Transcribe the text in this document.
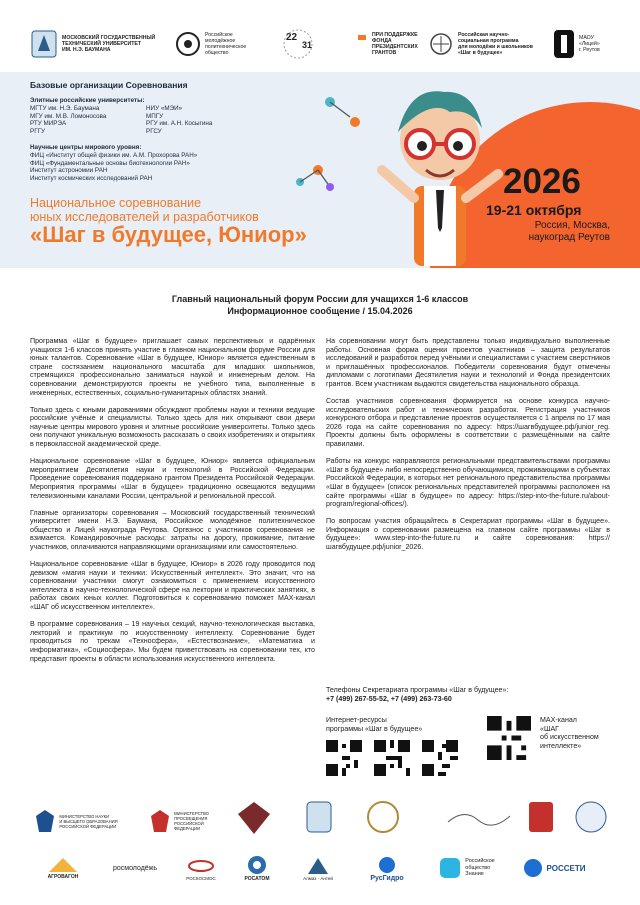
МОСКОВСКИЙ ГОСУДАРСТВЕННЫЙ
ТЕХНИЧЕСКИЙ УНИВЕРСИТЕТ
ИМ. Н.Э. БАУМАНА
Российское
молодёжное
политехническое
общество
22
31
ПРИ ПОДДЕРЖКЕ
ФОНДА
ПРЕЗИДЕНТСКИХ
ГРАНТОВ
Российская научно-
социальная программа
для молодёжи и школьников
«Шаг в будущее»
МАОУ
«Лицей»
г. Реутов
Базовые организации Соревнования
Элитные российские университеты:
МГТУ им. Н.Э. Баумана
МГУ им. М.В. Ломоносова
РТУ МИРЭА
РГГУ
НИУ «МЭИ»
МПГУ
РГУ им. А.Н. Косыгина
РГСУ
Научные центры мирового уровня:
ФИЦ «Институт общей физики им. А.М. Прохорова РАН»
ФИЦ «Фундаментальные основы биотехнологии РАН»
Институт астрономии РАН
Институт космических исследований РАН
Национальное соревнование
юных исследователей и разработчиков
«Шаг в будущее, Юниор»
2026
19-21 октября
Россия, Москва,
наукоград Реутов
Главный национальный форум России для учащихся 1-6 классов
Информационное сообщение / 15.04.2026

Программа «Шаг в будущее» приглашает самых перспективных и одарённых учащихся 1-6 классов принять участие в главном национальном форуме России для юных талантов. Соревнование «Шаг в будущее, Юниор» является единственным в стране состязанием национального масштаба для младших школьников, стремящихся профессионально заниматься наукой и инженерным делом. На соревновании демонстрируются проекты не учебного типа, выполненные в инженерных, естественных, социально-гуманитарных областях знаний.

Только здесь с юными дарованиями обсуждают проблемы науки и техники ведущие российские учёные и специалисты. Только здесь для них открывают свои двери научные центры мирового уровня и элитные российские университеты. Только здесь они получают уникальную возможность рассказать о своих изобретениях и открытиях в первоклассной академической среде.

Национальное соревнование «Шаг в будущее, Юниор» является официальным мероприятием Десятилетия науки и технологий в Российской Федерации. Проведение соревнования поддержано грантом Президента Российской Федерации. Мероприятия программы «Шаг в будущее» традиционно освещаются ведущими телевизионными каналами России, центральной и региональной прессой.

Главные организаторы соревнования – Московский государственный технический университет имени Н.Э. Баумана, Российское молодёжное политехническое общество и Лицей наукограда Реутова. Оргвзнос с участников соревнования не взимается. Командировочные расходы: затраты на дорогу, проживание, питание участников, оплачиваются направляющими организациями или самостоятельно.

Национальное соревнование «Шаг в будущее, Юниор» в 2026 году проводится под девизом «магия науки и техники: Искусственный интеллект». Это значит, что на соревновании участники смогут ознакомиться с применением искусственного интеллекта в научно-технологической сфере на лектории и практических занятиях, в работах своих юных коллег. Подготовиться к соревнованию поможет МАХ-канал «ШАГ об искусственном интеллекте».

В программе соревнования – 19 научных секций, научно-технологическая выставка, лекторий и практикум по искусственному интеллекту. Соревнование будет проводиться по трекам «Техносфера», «Естествознание», «Математика и информатика», «Социосфера». Мы будем приветствовать на соревновании тех, кто представит проекты в области использования искусственного интеллекта.

На соревновании могут быть представлены только индивидуально выполненные работы. Основная форма оценки проектов участников – защита результатов исследований и разработок перед учёными и специалистами с участием сверстников и приглашённых профессионалов. Победители соревнования будут отмечены дипломами с логотипами Десятилетия науки и технологий и Фонда президентских грантов. Всем участникам выдаются свидетельства национального образца.

Состав участников соревнования формируется на основе конкурса научно-исследовательских работ и технических разработок. Регистрация участников конкурсного отбора и представление проектов осуществляется с 1 апреля по 17 мая 2026 года на сайте соревнования по адресу: https://шагвбудущее.рф/junior_reg. Проекты должны быть оформлены в соответствии с размещёнными на сайте правилами.

Работы на конкурс направляются региональными представительствами программы «Шаг в будущее» либо непосредственно обучающимися, проживающими в субъектах Российской Федерации, в которых нет регионального представительства программы «Шаг в будущее» (список региональных представителей программы расположен на сайте программы «Шаг в будущее» по адресу: https://step-into-the-future.ru/about-program/regional-offices/).

По вопросам участия обращайтесь в Секретариат программы «Шаг в будущее». Информация о соревновании размещена на главном сайте программы «Шаг в будущее»: www.step-into-the-future.ru и сайте соревнования: https://шагвбудущее.рф/junior_2026.

Телефоны Секретариата программы «Шаг в будущее»:
+7 (499) 267-55-52, +7 (499) 263-73-60
Интернет-ресурсы
программы «Шаг в будущее»
MAX-канал
«ШАГ
об искусственном
интеллекте»
МИНИСТЕРСТВО НАУКИ
И ВЫСШЕГО ОБРАЗОВАНИЯ
РОССИЙСКОЙ ФЕДЕРАЦИИ
МИНИСТЕРСТВО
ПРОСВЕЩЕНИЯ
РОССИЙСКОЙ
ФЕДЕРАЦИИ
АГРОВАГОН
росмолодёжь
РОСКОСМОС	РОСАТОМ	Алмаз - Антей	РусГидро
Российское
общество
Знание
РОССЕТИ
